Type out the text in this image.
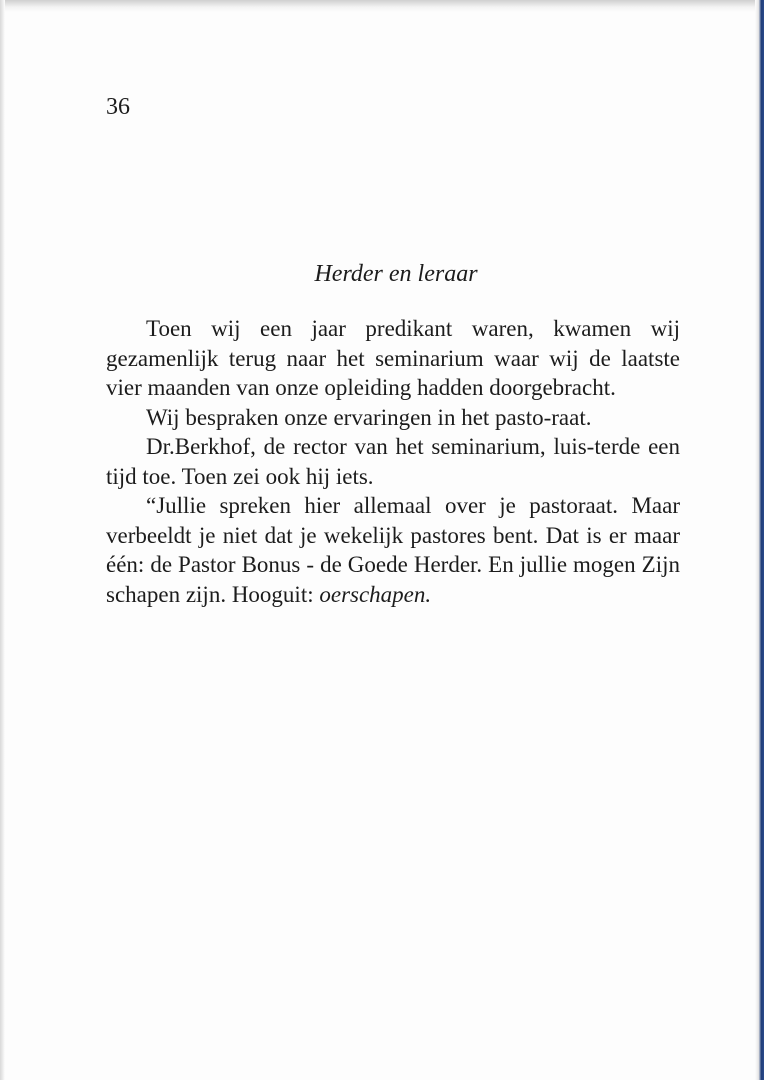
36

Herder en leraar

Toen wij een jaar predikant waren, kwamen wij gezamenlijk terug naar het seminarium waar wij de laatste vier maanden van onze opleiding hadden doorgebracht.

Wij bespraken onze ervaringen in het pasto-raat.

Dr.Berkhof, de rector van het seminarium, luis-terde een tijd toe. Toen zei ook hij iets.

“Jullie spreken hier allemaal over je pastoraat. Maar verbeeldt je niet dat je wekelijk pastores bent. Dat is er maar één: de Pastor Bonus - de Goede Herder. En jullie mogen Zijn schapen zijn. Hooguit: oerschapen.
